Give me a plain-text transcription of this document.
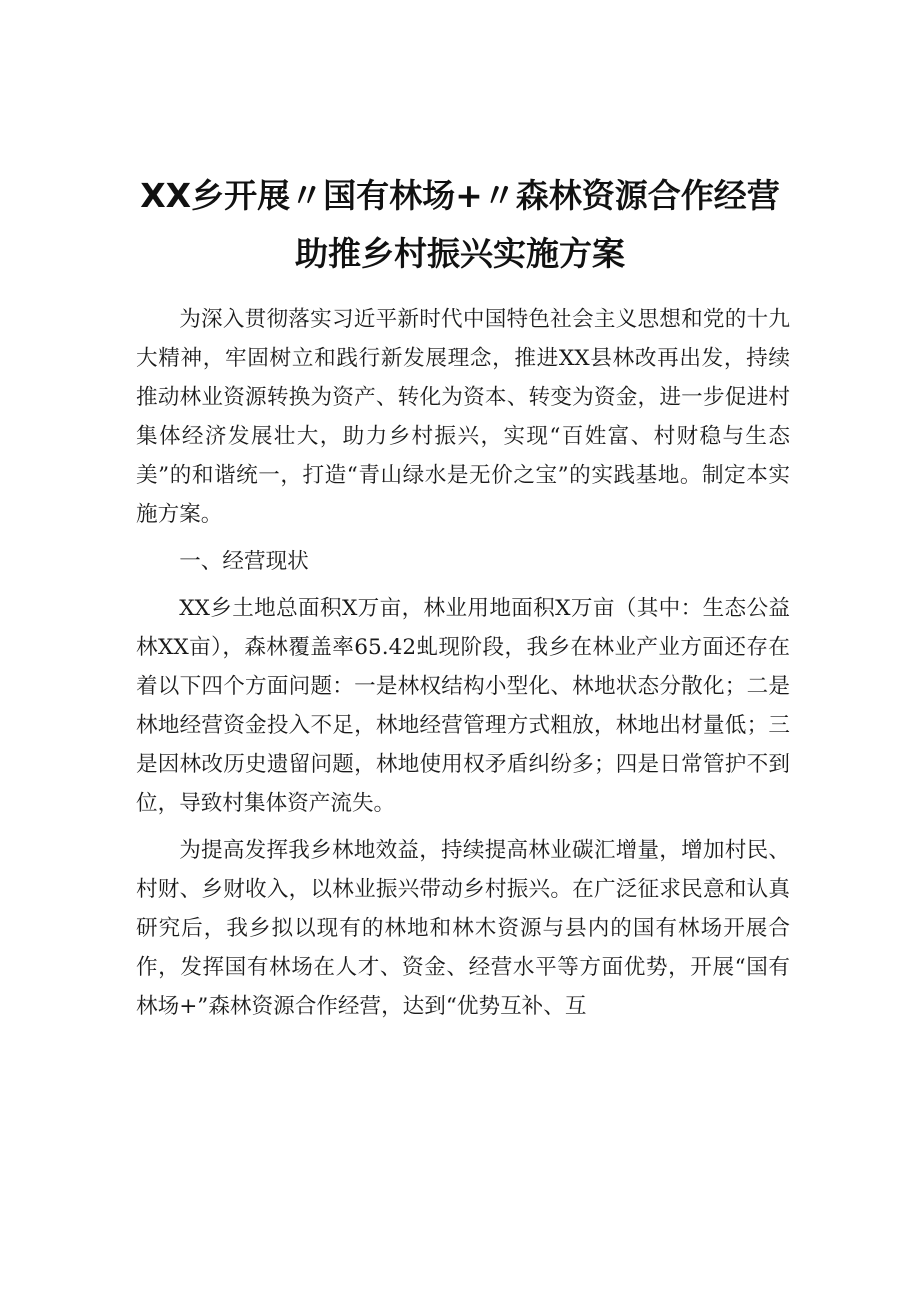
XX乡开展〃国有林场+〃森林资源合作经营
助推乡村振兴实施方案

为深入贯彻落实习近平新时代中国特色社会主义思想和党的十九大精神，牢固树立和践行新发展理念，推进XX县林改再出发，持续推动林业资源转换为资产、转化为资本、转变为资金，进一步促进村集体经济发展壮大，助力乡村振兴，实现“百姓富、村财稳与生态美”的和谐统一，打造“青山绿水是无价之宝”的实践基地。制定本实施方案。

一、经营现状

XX乡土地总面积X万亩，林业用地面积X万亩（其中：生态公益林XX亩），森林覆盖率65.42虬现阶段，我乡在林业产业方面还存在着以下四个方面问题：一是林权结构小型化、林地状态分散化；二是林地经营资金投入不足，林地经营管理方式粗放，林地出材量低；三是因林改历史遗留问题，林地使用权矛盾纠纷多；四是日常管护不到位，导致村集体资产流失。

为提高发挥我乡林地效益，持续提高林业碳汇增量，增加村民、村财、乡财收入，以林业振兴带动乡村振兴。在广泛征求民意和认真研究后，我乡拟以现有的林地和林木资源与县内的国有林场开展合作，发挥国有林场在人才、资金、经营水平等方面优势，开展“国有林场+”森林资源合作经营，达到“优势互补、互
